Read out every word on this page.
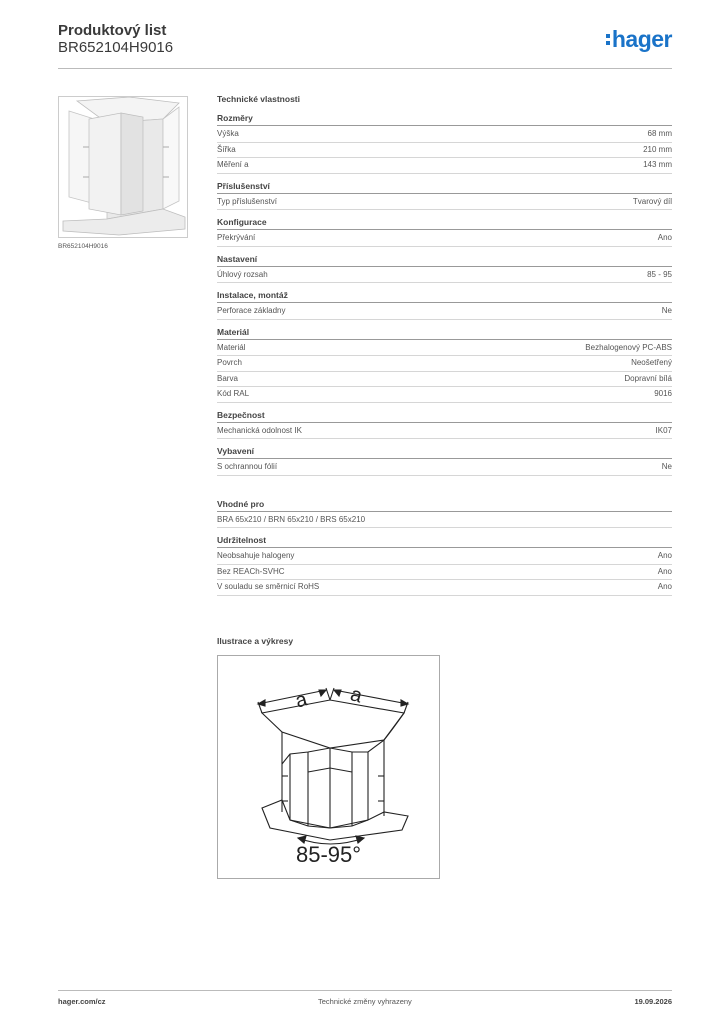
Produktový list
BR652104H9016	hager
BR652104H9016
Technické vlastnosti
Rozměry
Výška	68 mm
Šířka	210 mm
Měření a	143 mm
Příslušenství
Typ příslušenství	Tvarový díl
Konfigurace
Překrývání	Ano
Nastavení
Úhlový rozsah	85 - 95
Instalace, montáž
Perforace základny	Ne
Materiál
Materiál	Bezhalogenový PC-ABS
Povrch	Neošetřený
Barva	Dopravní bílá
Kód RAL	9016
Bezpečnost
Mechanická odolnost IK	IK07
Vybavení
S ochrannou fólií	Ne
Vhodné pro
BRA 65x210 / BRN 65x210 / BRS 65x210
Udržitelnost
Neobsahuje halogeny	Ano
Bez REACh-SVHC	Ano
V souladu se směrnicí RoHS	Ano
Ilustrace a výkresy
a a
85-95°
hager.com/cz	Technické změny vyhrazeny	19.09.2026
